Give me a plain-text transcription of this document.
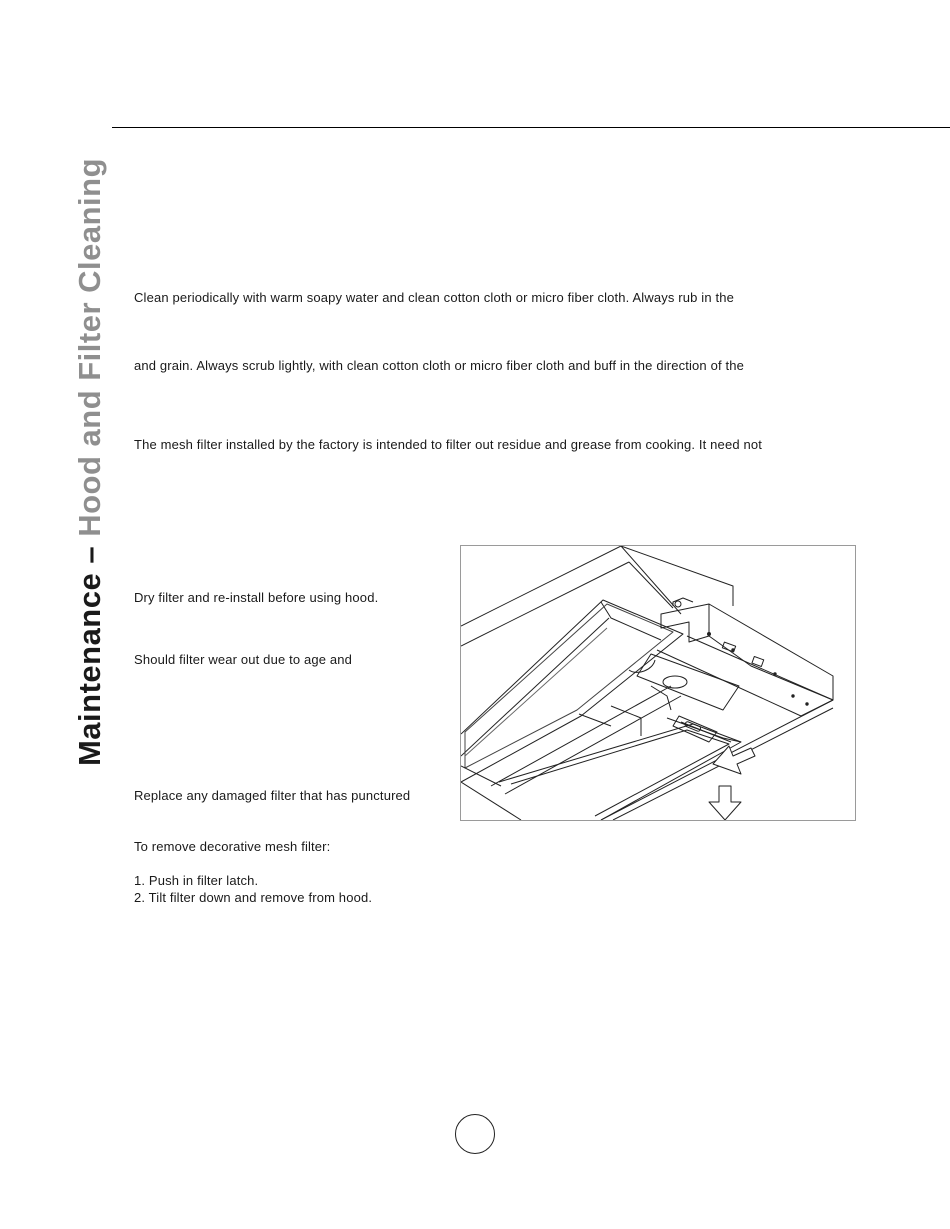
Maintenance – Hood and Filter Cleaning Clean periodically with warm soapy water and clean cotton cloth or micro fiber cloth. Always rub in the

and grain. Always scrub lightly, with clean cotton cloth or micro fiber cloth and buff in the direction of the

The mesh filter installed by the factory is intended to filter out residue and grease from cooking. It need not

Dry filter and re-install before using hood.

Should filter wear out due to age and

Replace any damaged filter that has punctured

To remove decorative mesh filter:

1. Push in filter latch.

2. Tilt filter down and remove from hood.
